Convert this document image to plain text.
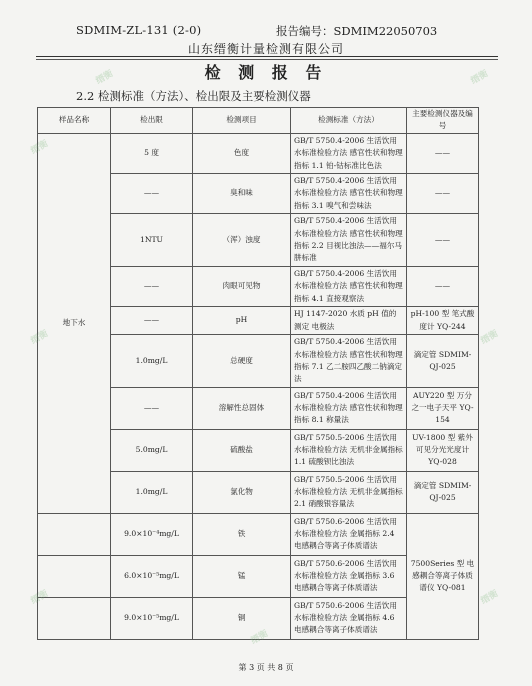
SDMIM-ZL-131 (2-0)	报告编号：SDMIM22050703
山东缙衡计量检测有限公司
检 测 报 告
2.2 检测标准（方法）、检出限及主要检测仪器
样品名称	检出限	检测项目	检测标准（方法）	主要检测仪器及编号
地下水	5 度	色度	GB/T 5750.4-2006 生活饮用水标准检验方法 感官性状和物理指标 1.1 铂-钴标准比色法	——
	——	臭和味	GB/T 5750.4-2006 生活饮用水标准检验方法 感官性状和物理指标 3.1 嗅气和尝味法	——
	1NTU	（浑）浊度	GB/T 5750.4-2006 生活饮用水标准检验方法 感官性状和物理指标 2.2 目视比浊法——福尔马肼标准	——
	——	肉眼可见物	GB/T 5750.4-2006 生活饮用水标准检验方法 感官性状和物理指标 4.1 直接观察法	——
	——	pH	HJ 1147-2020 水质 pH 值的测定 电极法	pH-100 型 笔式酸度计 YQ-244
	1.0mg/L	总硬度	GB/T 5750.4-2006 生活饮用水标准检验方法 感官性状和物理指标 7.1 乙二胺四乙酸二钠滴定法	滴定管 SDMIM-QJ-025
	——	溶解性总固体	GB/T 5750.4-2006 生活饮用水标准检验方法 感官性状和物理指标 8.1 称量法	AUY220 型 万分之一电子天平 YQ-154
	5.0mg/L	硫酸盐	GB/T 5750.5-2006 生活饮用水标准检验方法 无机非金属指标 1.1 硫酸钡比浊法	UV-1800 型 紫外可见分光光度计 YQ-028
	1.0mg/L	氯化物	GB/T 5750.5-2006 生活饮用水标准检验方法 无机非金属指标 2.1 硝酸银容量法	滴定管 SDMIM-QJ-025
	9.0×10⁻⁴mg/L	铁	GB/T 5750.6-2006 生活饮用水标准检验方法 金属指标 2.4 电感耦合等离子体质谱法	7500Series 型 电感耦合等离子体质谱仪 YQ-081
	6.0×10⁻⁵mg/L	锰	GB/T 5750.6-2006 生活饮用水标准检验方法 金属指标 3.6 电感耦合等离子体质谱法	
	9.0×10⁻⁵mg/L	铜	GB/T 5750.6-2006 生活饮用水标准检验方法 金属指标 4.6 电感耦合等离子体质谱法	
第 3 页 共 8 页
缙衡
缙衡	缙衡
缙衡
缙衡
缙衡
缙衡
缙衡
